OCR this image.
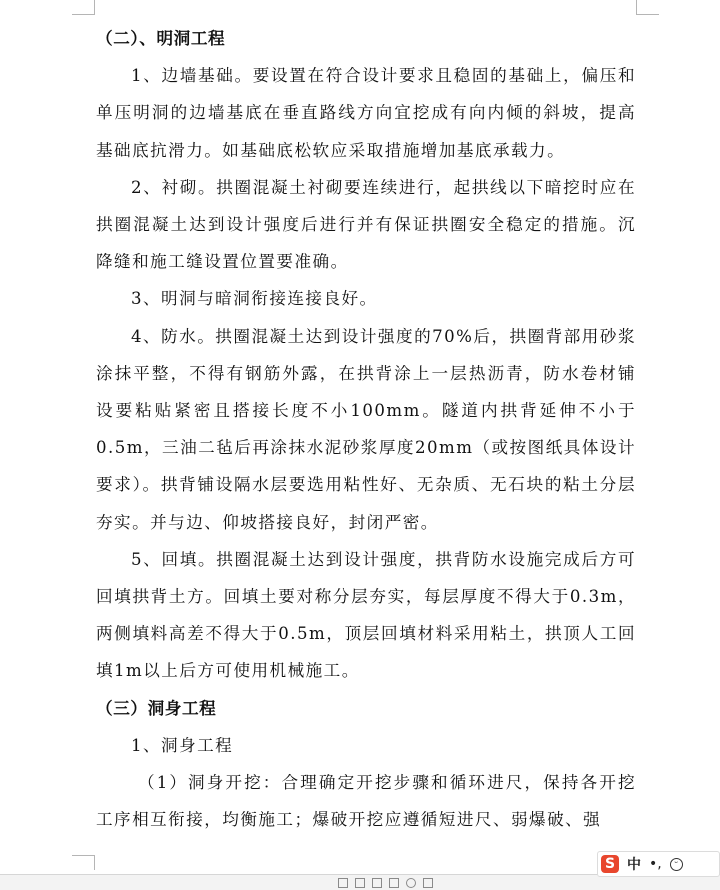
（二）、明洞工程

1、边墙基础。要设置在符合设计要求且稳固的基础上，偏压和单压明洞的边墙基底在垂直路线方向宜挖成有向内倾的斜坡，提高基础底抗滑力。如基础底松软应采取措施增加基底承载力。

2、衬砌。拱圈混凝土衬砌要连续进行，起拱线以下暗挖时应在拱圈混凝土达到设计强度后进行并有保证拱圈安全稳定的措施。沉降缝和施工缝设置位置要准确。

3、明洞与暗洞衔接连接良好。

4、防水。拱圈混凝土达到设计强度的70%后，拱圈背部用砂浆涂抹平整，不得有钢筋外露，在拱背涂上一层热沥青，防水卷材铺设要粘贴紧密且搭接长度不小100mm。隧道内拱背延伸不小于0.5m，三油二毡后再涂抹水泥砂浆厚度20mm（或按图纸具体设计要求）。拱背铺设隔水层要选用粘性好、无杂质、无石块的粘土分层夯实。并与边、仰坡搭接良好，封闭严密。

5、回填。拱圈混凝土达到设计强度，拱背防水设施完成后方可回填拱背土方。回填土要对称分层夯实，每层厚度不得大于0.3m，两侧填料高差不得大于0.5m，顶层回填材料采用粘土，拱顶人工回填1m以上后方可使用机械施工。

（三）洞身工程

1、洞身工程

（1）洞身开挖：合理确定开挖步骤和循环进尺，保持各开挖工序相互衔接，均衡施工；爆破开挖应遵循短进尺、弱爆破、强

S 中 •,	ᵕ
